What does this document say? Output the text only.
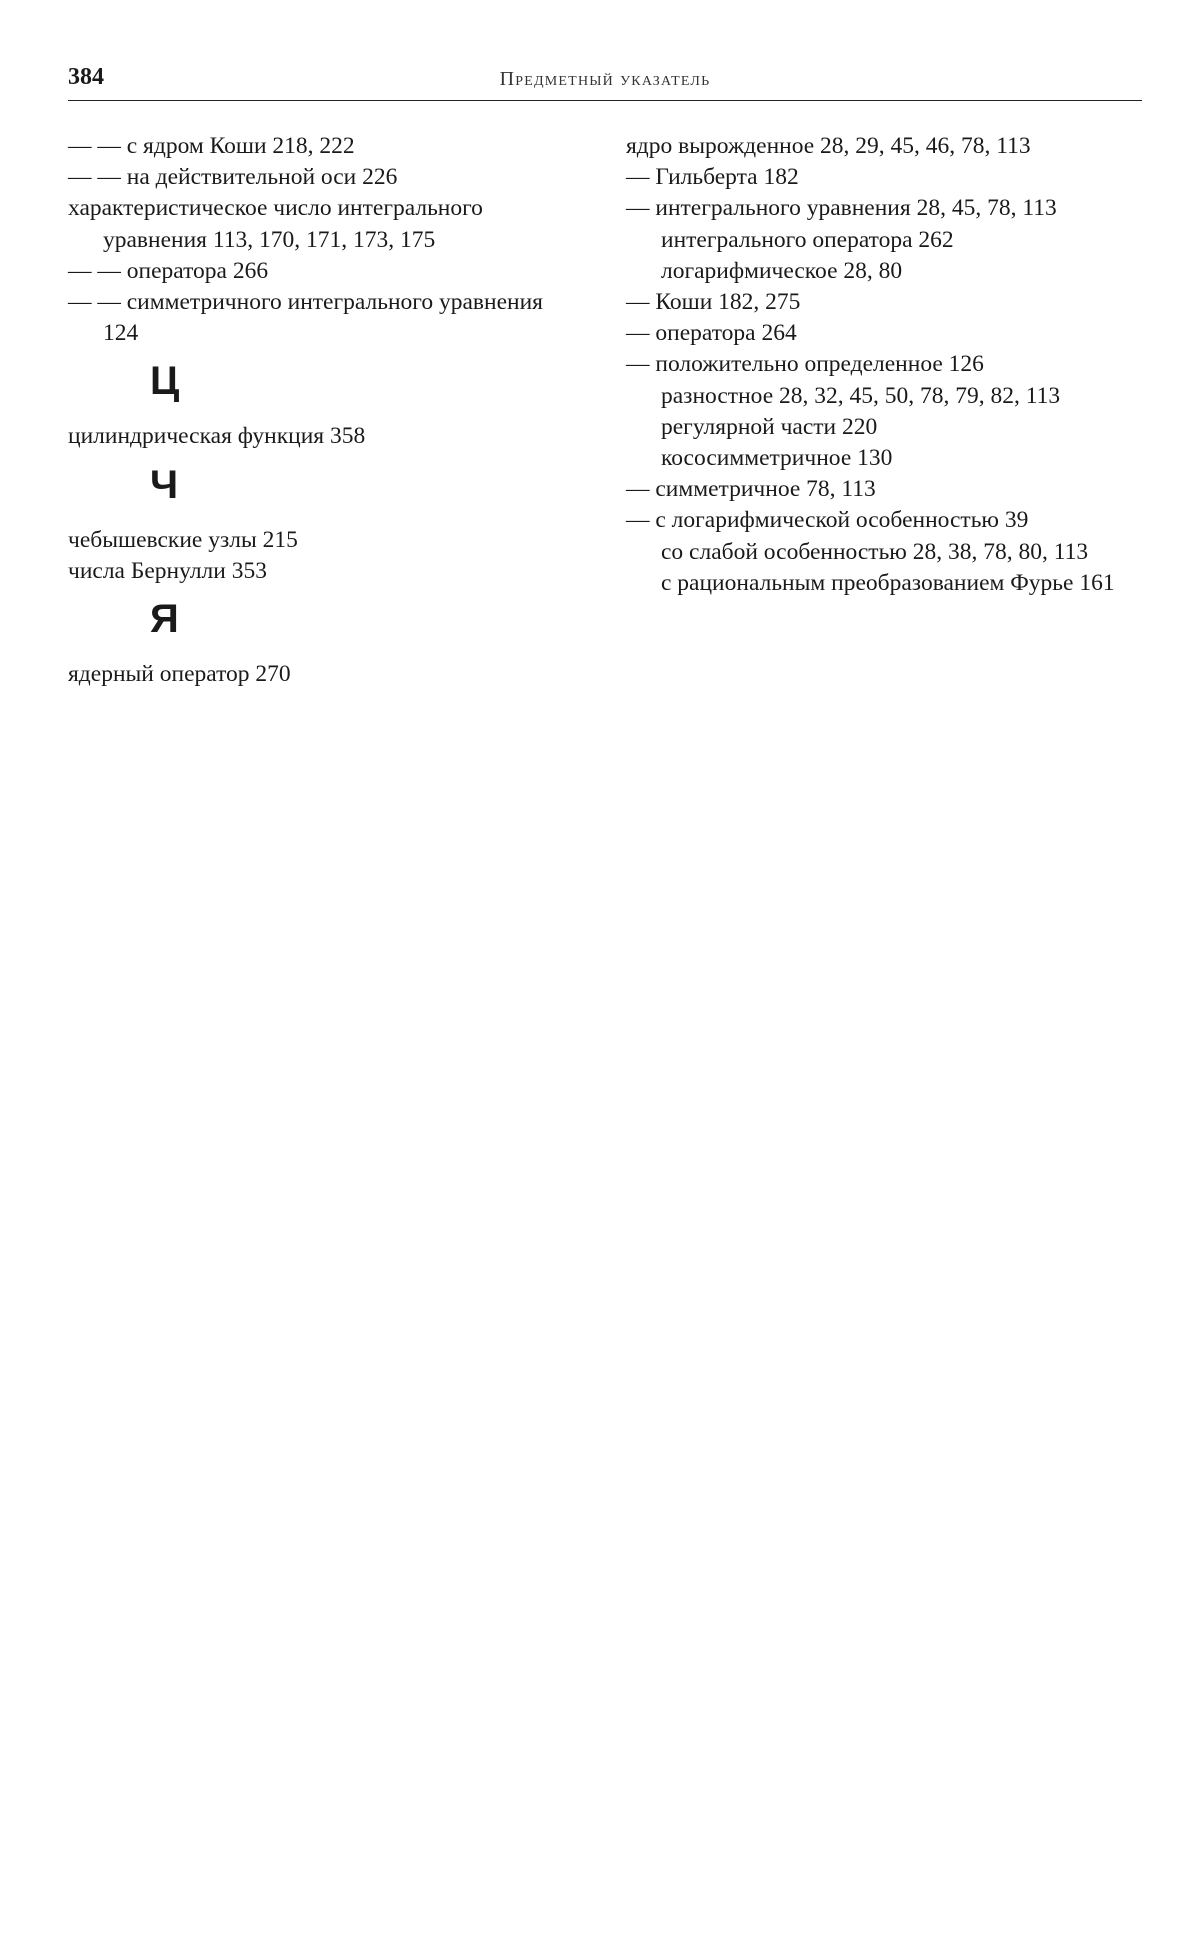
384	Предметный указатель
— — с ядром Коши 218, 222
— — на действительной оси 226
характеристическое число интегрального уравнения 113, 170, 171, 173, 175
— — оператора 266
— — симметричного интегрального уравнения 124
Ц
цилиндрическая функция 358
Ч
чебышевские узлы 215
числа Бернулли 353
Я
ядерный оператор 270
ядро вырожденное 28, 29, 45, 46, 78, 113
— Гильберта 182
— интегрального уравнения 28, 45, 78, 113
интегрального оператора 262
логарифмическое 28, 80
— Коши 182, 275
— оператора 264
— положительно определенное 126
разностное 28, 32, 45, 50, 78, 79, 82, 113
регулярной части 220
кососимметричное 130
— симметричное 78, 113
— с логарифмической особенностью 39
со слабой особенностью 28, 38, 78, 80, 113
с рациональным преобразованием Фурье 161
